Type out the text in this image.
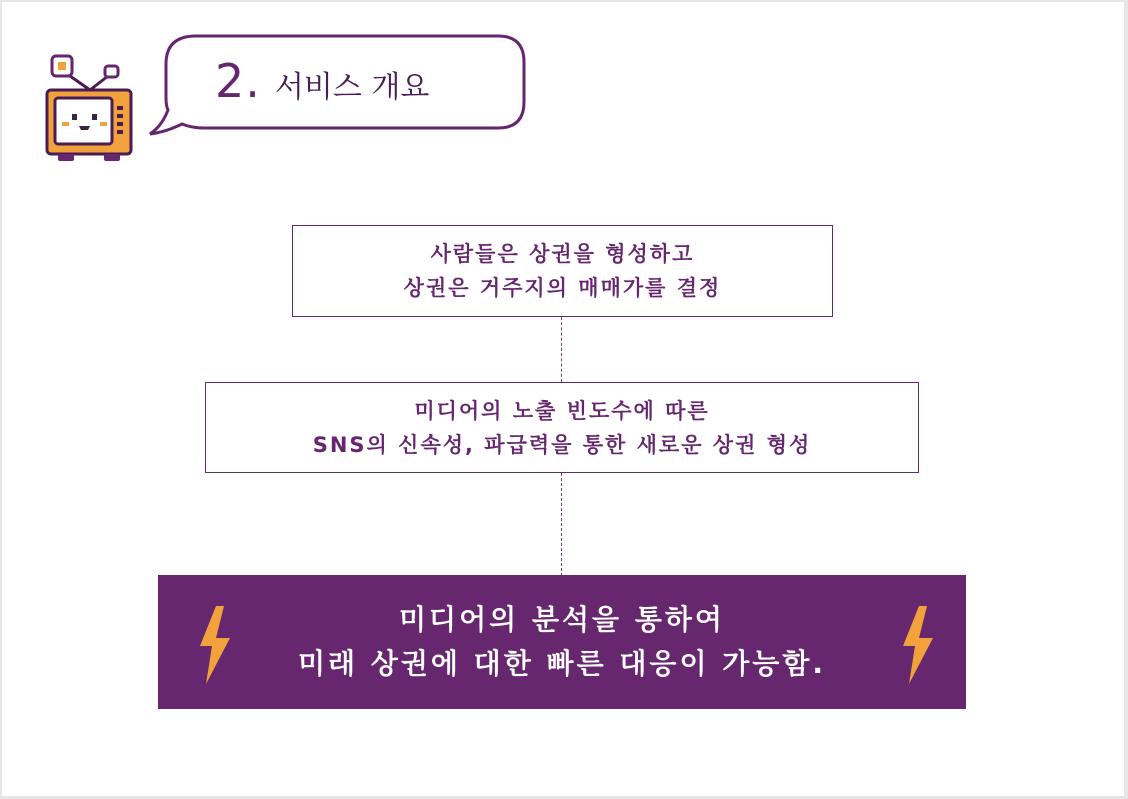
2. 서비스 개요
사람들은 상권을 형성하고
상권은 거주지의 매매가를 결정
미디어의 노출 빈도수에 따른
SNS의 신속성, 파급력을 통한 새로운 상권 형성
미디어의 분석을 통하여
미래 상권에 대한 빠른 대응이 가능함.
